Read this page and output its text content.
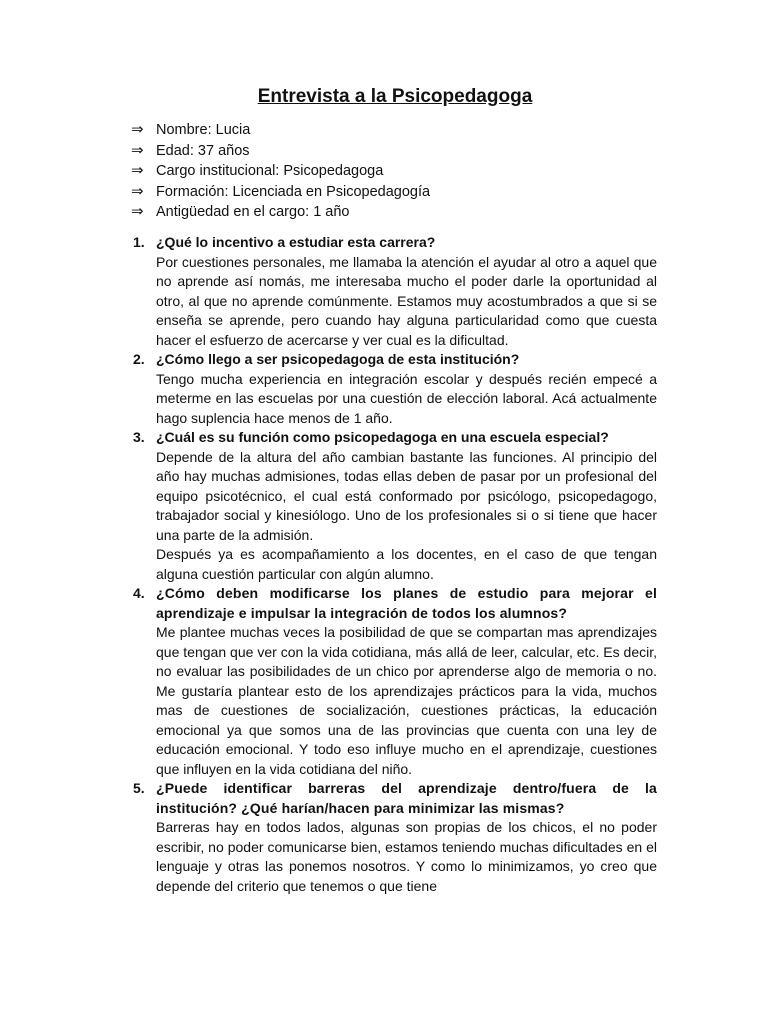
Entrevista a la Psicopedagoga
⇒ Nombre: Lucia
⇒ Edad: 37 años
⇒ Cargo institucional: Psicopedagoga
⇒ Formación: Licenciada en Psicopedagogía
⇒ Antigüedad en el cargo: 1 año
1. ¿Qué lo incentivo a estudiar esta carrera?

Por cuestiones personales, me llamaba la atención el ayudar al otro a aquel que no aprende así nomás, me interesaba mucho el poder darle la oportunidad al otro, al que no aprende comúnmente. Estamos muy acostumbrados a que si se enseña se aprende, pero cuando hay alguna particularidad como que cuesta hacer el esfuerzo de acercarse y ver cual es la dificultad.

2. ¿Cómo llego a ser psicopedagoga de esta institución?

Tengo mucha experiencia en integración escolar y después recién empecé a meterme en las escuelas por una cuestión de elección laboral. Acá actualmente hago suplencia hace menos de 1 año.

3. ¿Cuál es su función como psicopedagoga en una escuela especial?

Depende de la altura del año cambian bastante las funciones. Al principio del año hay muchas admisiones, todas ellas deben de pasar por un profesional del equipo psicotécnico, el cual está conformado por psicólogo, psicopedagogo, trabajador social y kinesiólogo. Uno de los profesionales si o si tiene que hacer una parte de la admisión.

Después ya es acompañamiento a los docentes, en el caso de que tengan alguna cuestión particular con algún alumno.

4. ¿Cómo deben modificarse los planes de estudio para mejorar el aprendizaje e impulsar la integración de todos los alumnos?

Me plantee muchas veces la posibilidad de que se compartan mas aprendizajes que tengan que ver con la vida cotidiana, más allá de leer, calcular, etc. Es decir, no evaluar las posibilidades de un chico por aprenderse algo de memoria o no. Me gustaría plantear esto de los aprendizajes prácticos para la vida, muchos mas de cuestiones de socialización, cuestiones prácticas, la educación emocional ya que somos una de las provincias que cuenta con una ley de educación emocional. Y todo eso influye mucho en el aprendizaje, cuestiones que influyen en la vida cotidiana del niño.

5. ¿Puede identificar barreras del aprendizaje dentro/fuera de la institución? ¿Qué harían/hacen para minimizar las mismas?

Barreras hay en todos lados, algunas son propias de los chicos, el no poder escribir, no poder comunicarse bien, estamos teniendo muchas dificultades en el lenguaje y otras las ponemos nosotros. Y como lo minimizamos, yo creo que depende del criterio que tenemos o que tiene
